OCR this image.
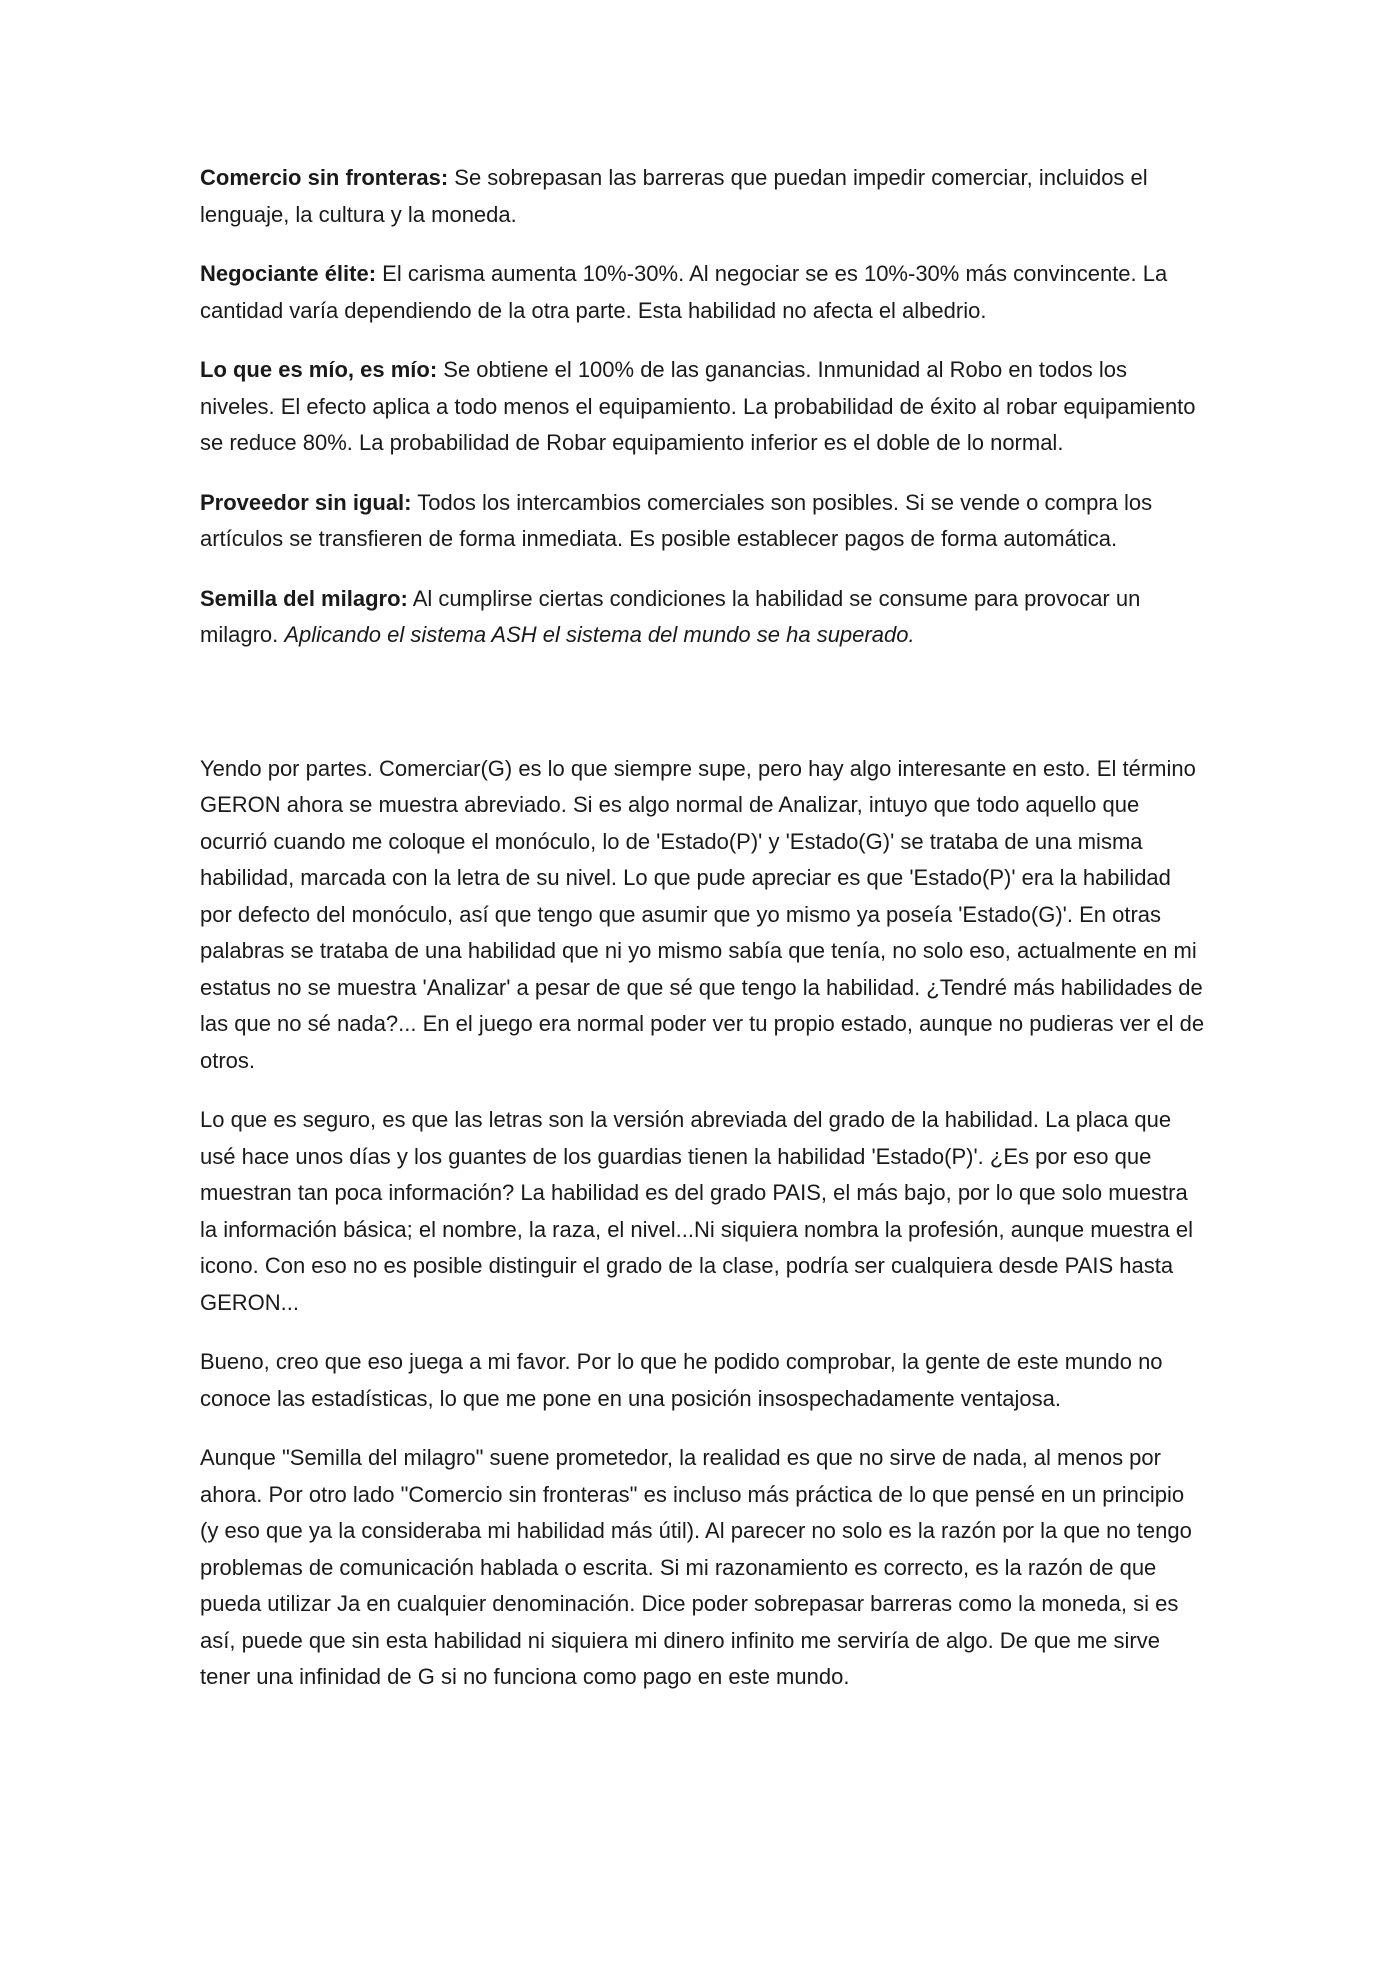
Comercio sin fronteras: Se sobrepasan las barreras que puedan impedir comerciar, incluidos el lenguaje, la cultura y la moneda.

Negociante élite: El carisma aumenta 10%-30%. Al negociar se es 10%-30% más convincente. La cantidad varía dependiendo de la otra parte. Esta habilidad no afecta el albedrio.

Lo que es mío, es mío: Se obtiene el 100% de las ganancias. Inmunidad al Robo en todos los niveles. El efecto aplica a todo menos el equipamiento. La probabilidad de éxito al robar equipamiento se reduce 80%. La probabilidad de Robar equipamiento inferior es el doble de lo normal.

Proveedor sin igual: Todos los intercambios comerciales son posibles. Si se vende o compra los artículos se transfieren de forma inmediata. Es posible establecer pagos de forma automática.

Semilla del milagro: Al cumplirse ciertas condiciones la habilidad se consume para provocar un milagro. Aplicando el sistema ASH el sistema del mundo se ha superado.

Yendo por partes. Comerciar(G) es lo que siempre supe, pero hay algo interesante en esto. El término GERON ahora se muestra abreviado. Si es algo normal de Analizar, intuyo que todo aquello que ocurrió cuando me coloque el monóculo, lo de 'Estado(P)' y 'Estado(G)' se trataba de una misma habilidad, marcada con la letra de su nivel. Lo que pude apreciar es que 'Estado(P)' era la habilidad por defecto del monóculo, así que tengo que asumir que yo mismo ya poseía 'Estado(G)'. En otras palabras se trataba de una habilidad que ni yo mismo sabía que tenía, no solo eso, actualmente en mi estatus no se muestra 'Analizar' a pesar de que sé que tengo la habilidad. ¿Tendré más habilidades de las que no sé nada?... En el juego era normal poder ver tu propio estado, aunque no pudieras ver el de otros.

Lo que es seguro, es que las letras son la versión abreviada del grado de la habilidad. La placa que usé hace unos días y los guantes de los guardias tienen la habilidad 'Estado(P)'. ¿Es por eso que muestran tan poca información? La habilidad es del grado PAIS, el más bajo, por lo que solo muestra la información básica; el nombre, la raza, el nivel...Ni siquiera nombra la profesión, aunque muestra el icono. Con eso no es posible distinguir el grado de la clase, podría ser cualquiera desde PAIS hasta GERON...

Bueno, creo que eso juega a mi favor. Por lo que he podido comprobar, la gente de este mundo no conoce las estadísticas, lo que me pone en una posición insospechadamente ventajosa.

Aunque "Semilla del milagro" suene prometedor, la realidad es que no sirve de nada, al menos por ahora. Por otro lado "Comercio sin fronteras" es incluso más práctica de lo que pensé en un principio (y eso que ya la consideraba mi habilidad más útil). Al parecer no solo es la razón por la que no tengo problemas de comunicación hablada o escrita. Si mi razonamiento es correcto, es la razón de que pueda utilizar Ja en cualquier denominación. Dice poder sobrepasar barreras como la moneda, si es así, puede que sin esta habilidad ni siquiera mi dinero infinito me serviría de algo. De que me sirve tener una infinidad de G si no funciona como pago en este mundo.
